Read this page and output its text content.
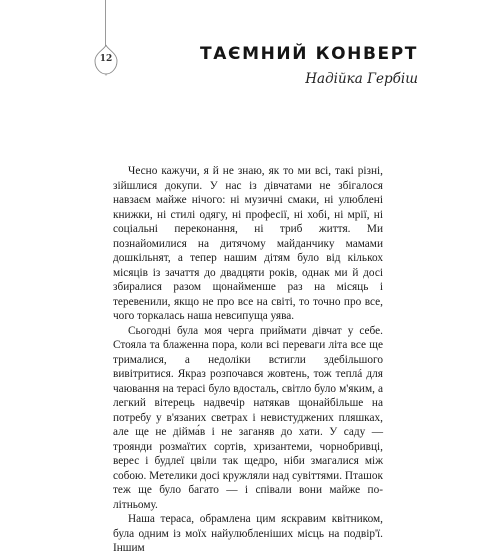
12	ТАЄМНИЙ КОНВЕРТ
Надійка Гербіш

Чесно кажучи, я й не знаю, як то ми всі, такі різні, зійшлися докупи. У нас із дівчатами не збігалося навзаєм майже нічого: ні музичні смаки, ні улюблені книжки, ні стилі одягу, ні професії, ні хобі, ні мрії, ні соціальні переконання, ні триб життя. Ми познайомилися на дитячому майданчику мамами дошкільнят, а тепер нашим дітям було від кількох місяців із зачаття до двадцяти років, однак ми й досі збиралися разом щонайменше раз на місяць і теревенили, якщо не про все на світі, то точно про все, чого торкалась наша невсипуща уява.

Сьогодні була моя черга приймати дівчат у себе. Стояла та блаженна пора, коли всі переваги літа все ще трималися, а недоліки встигли здебільшого вивітритися. Якраз розпочався жовтень, тож теплá для чаювання на терасі було вдосталь, світло було м'яким, а легкий вітерець надвечір натякав щонайбільше на потребу у в'язаних светрах і невистуджених пляшках, але ще не дійма́в і не заганяв до хати. У саду — троянди розмаїтих сортів, хризантеми, чорнобривці, верес і будлеї цвіли так щедро, ніби змагалися між собою. Метелики досі кружляли над сувіттями. Пташок теж ще було багато — і співали вони майже по-літньому.

Наша тераса, обрамлена цим яскравим квітником, була одним із моїх найулюбленіших місць на подвір'ї. Іншим
